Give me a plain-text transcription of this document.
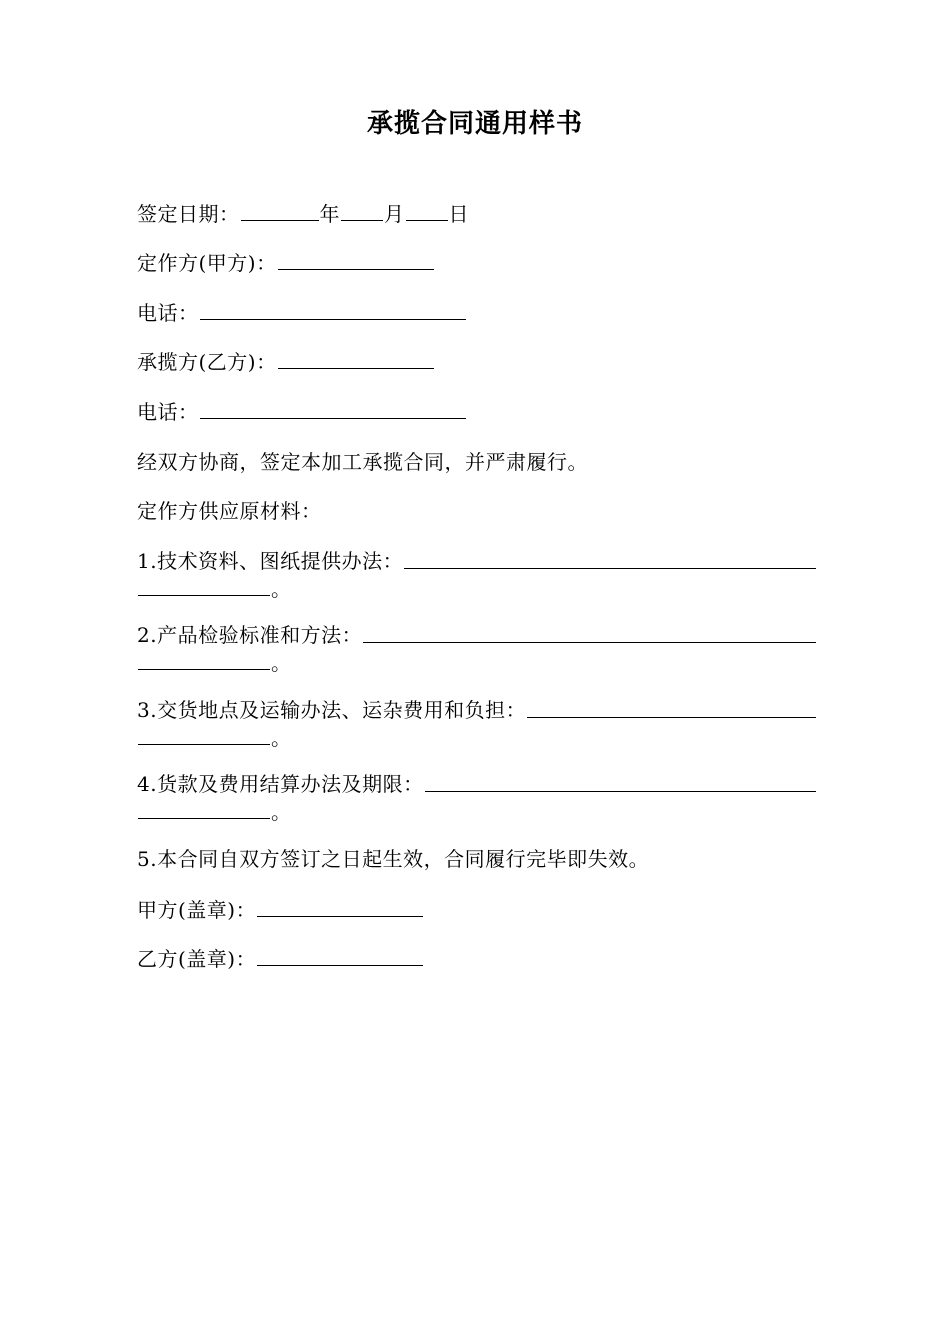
承揽合同通用样书
签定日期：	年 月 日
定作方(甲方)：
电话：
承揽方(乙方)：
电话：
经双方协商，签定本加工承揽合同，并严肃履行。
定作方供应原材料：
1.技术资料、图纸提供办法：
。
2.产品检验标准和方法：
。
3.交货地点及运输办法、运杂费用和负担：
。
4.货款及费用结算办法及期限：
。
5.本合同自双方签订之日起生效，合同履行完毕即失效。
甲方(盖章)：
乙方(盖章)：
